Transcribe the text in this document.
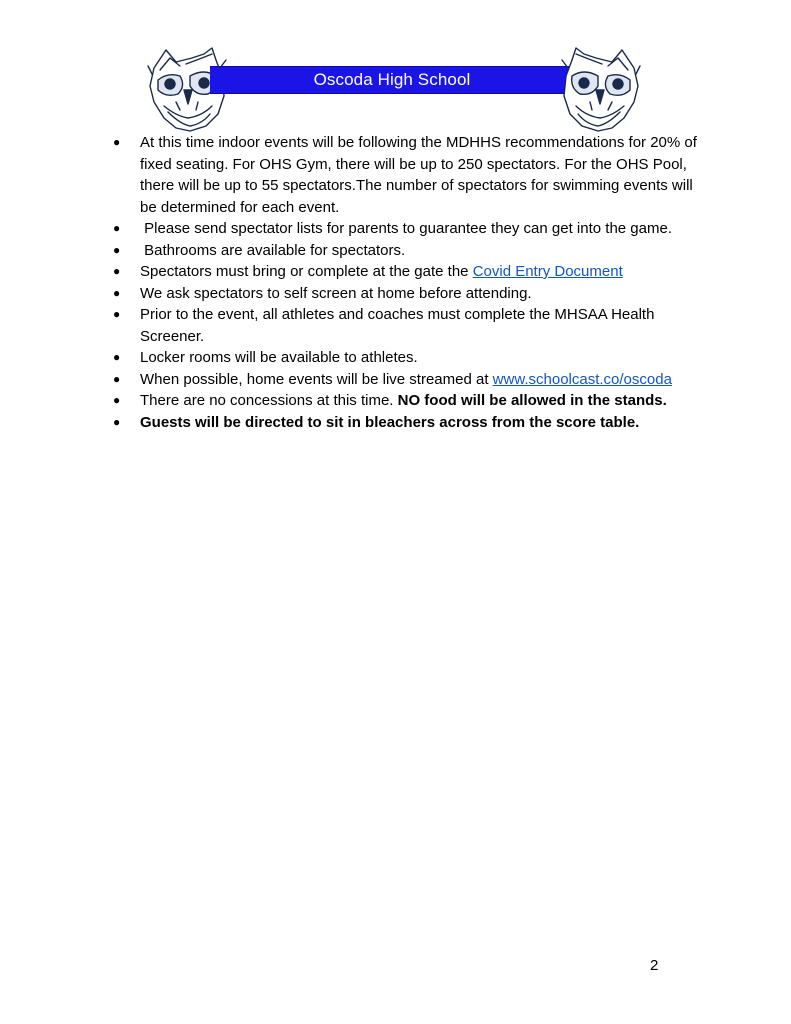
Oscoda High School
● At this time indoor events will be following the MDHHS recommendations for 20% of fixed seating. For OHS Gym, there will be up to 250 spectators. For the OHS Pool, there will be up to 55 spectators.The number of spectators for swimming events will be determined for each event.
● Please send spectator lists for parents to guarantee they can get into the game.
● Bathrooms are available for spectators.
● Spectators must bring or complete at the gate the Covid Entry Document
● We ask spectators to self screen at home before attending.
● Prior to the event, all athletes and coaches must complete the MHSAA Health Screener.
● Locker rooms will be available to athletes.
● When possible, home events will be live streamed at www.schoolcast.co/oscoda
● There are no concessions at this time. NO food will be allowed in the stands.
● Guests will be directed to sit in bleachers across from the score table.
2
